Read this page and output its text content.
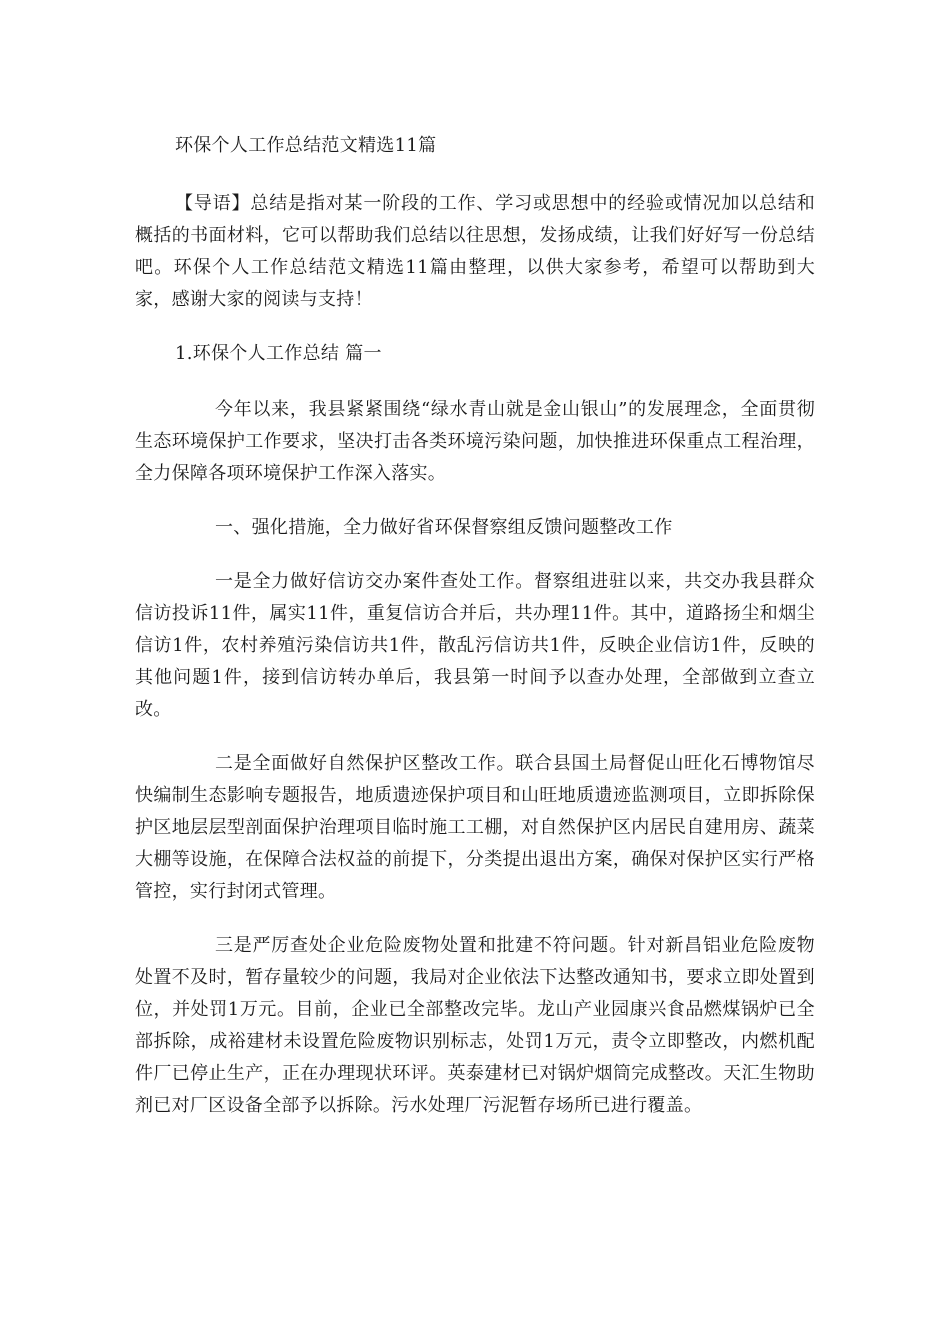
环保个人工作总结范文精选11篇

【导语】总结是指对某一阶段的工作、学习或思想中的经验或情况加以总结和概括的书面材料，它可以帮助我们总结以往思想，发扬成绩，让我们好好写一份总结吧。环保个人工作总结范文精选11篇由整理，以供大家参考，希望可以帮助到大家，感谢大家的阅读与支持！

1.环保个人工作总结 篇一

今年以来，我县紧紧围绕“绿水青山就是金山银山”的发展理念，全面贯彻生态环境保护工作要求，坚决打击各类环境污染问题，加快推进环保重点工程治理，全力保障各项环境保护工作深入落实。

一、强化措施，全力做好省环保督察组反馈问题整改工作

一是全力做好信访交办案件查处工作。督察组进驻以来，共交办我县群众信访投诉11件，属实11件，重复信访合并后，共办理11件。其中，道路扬尘和烟尘信访1件，农村养殖污染信访共1件，散乱污信访共1件，反映企业信访1件，反映的其他问题1件，接到信访转办单后，我县第一时间予以查办处理，全部做到立查立改。

二是全面做好自然保护区整改工作。联合县国土局督促山旺化石博物馆尽快编制生态影响专题报告，地质遗迹保护项目和山旺地质遗迹监测项目，立即拆除保护区地层层型剖面保护治理项目临时施工工棚，对自然保护区内居民自建用房、蔬菜大棚等设施，在保障合法权益的前提下，分类提出退出方案，确保对保护区实行严格管控，实行封闭式管理。

三是严厉查处企业危险废物处置和批建不符问题。针对新昌铝业危险废物处置不及时，暂存量较少的问题，我局对企业依法下达整改通知书，要求立即处置到位，并处罚1万元。目前，企业已全部整改完毕。龙山产业园康兴食品燃煤锅炉已全部拆除，成裕建材未设置危险废物识别标志，处罚1万元，责令立即整改，内燃机配件厂已停止生产，正在办理现状环评。英泰建材已对锅炉烟筒完成整改。天汇生物助剂已对厂区设备全部予以拆除。污水处理厂污泥暂存场所已进行覆盖。
